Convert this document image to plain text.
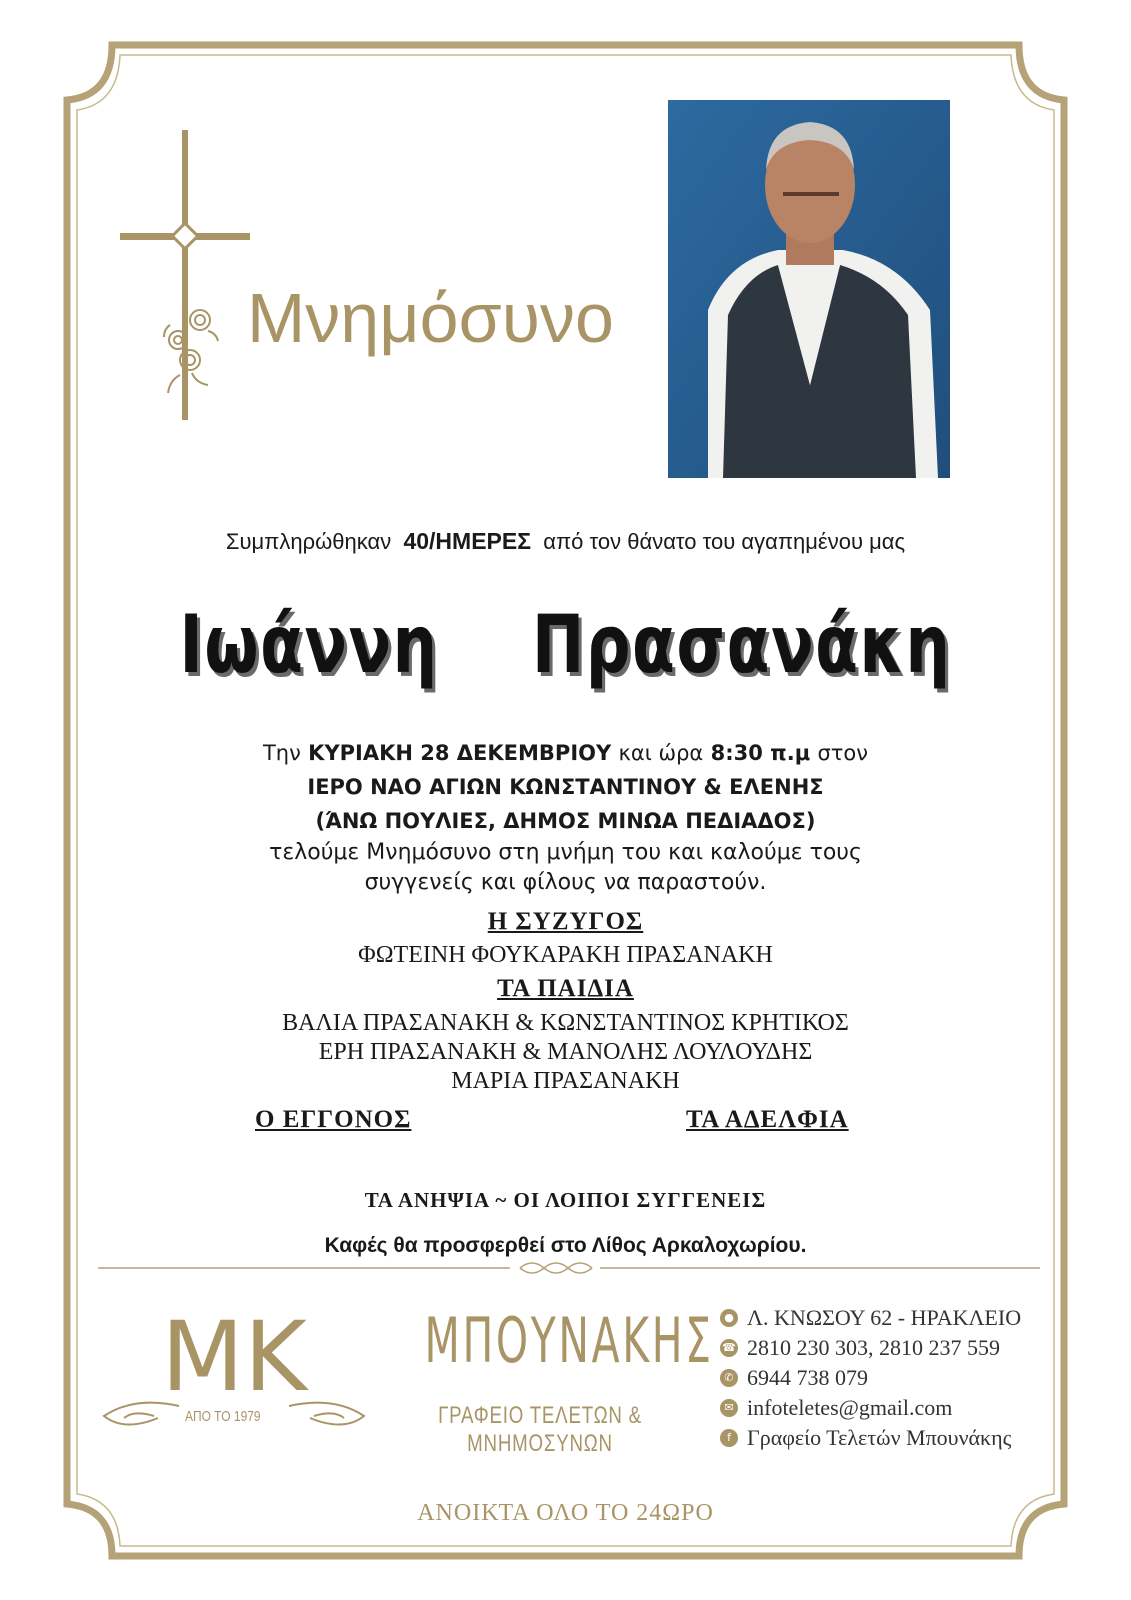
Μνημόσυνο
Συμπληρώθηκαν 40/ΗΜΕΡΕΣ από τον θάνατο του αγαπημένου μας
Ιωάννη  Πρασανάκη
Την ΚΥΡΙΑΚΗ 28 ΔΕΚΕΜΒΡΙΟΥ και ώρα 8:30 π.μ στον
ΙΕΡΟ ΝΑΟ ΑΓΙΩΝ ΚΩΝΣΤΑΝΤΙΝΟΥ & ΕΛΕΝΗΣ
(ΆΝΩ ΠΟΥΛΙΕΣ, ΔΗΜΟΣ ΜΙΝΩΑ ΠΕΔΙΑΔΟΣ)
τελούμε Μνημόσυνο στη μνήμη του και καλούμε τους
συγγενείς και φίλους να παραστούν.
Η ΣΥΖΥΓΟΣ
ΦΩΤΕΙΝΗ ΦΟΥΚΑΡΑΚΗ ΠΡΑΣΑΝΑΚΗ
ΤΑ ΠΑΙΔΙΑ
ΒΑΛΙΑ ΠΡΑΣΑΝΑΚΗ & ΚΩΝΣΤΑΝΤΙΝΟΣ ΚΡΗΤΙΚΟΣ
ΕΡΗ ΠΡΑΣΑΝΑΚΗ & ΜΑΝΟΛΗΣ ΛΟΥΛΟΥΔΗΣ
ΜΑΡΙΑ ΠΡΑΣΑΝΑΚΗ
Ο ΕΓΓΟΝΟΣ	ΤΑ ΑΔΕΛΦΙΑ
ΤΑ ΑΝΗΨΙΑ ~ ΟΙ ΛΟΙΠΟΙ ΣΥΓΓΕΝΕΙΣ
Καφές θα προσφερθεί στο Λίθος Αρκαλοχωρίου.
MK
ΑΠΟ ΤΟ 1979
ΜΠΟΥΝΑΚΗΣ
ΓΡΑΦΕΙΟ ΤΕΛΕΤΩΝ & ΜΝΗΜΟΣΥΝΩΝ
● Λ. ΚΝΩΣΟΥ 62 - ΗΡΑΚΛΕΙΟ
☎ 2810 230 303, 2810 237 559
✆ 6944 738 079
✉ infoteletes@gmail.com
f Γραφείο Τελετών Μπουνάκης
ΑΝΟΙΚΤΑ ΟΛΟ ΤΟ 24ΩΡΟ
